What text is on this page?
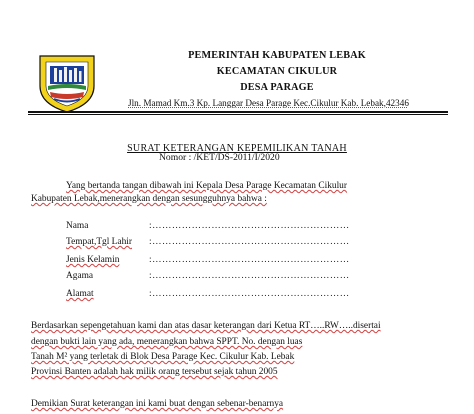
PEMERINTAH KABUPATEN LEBAK
KECAMATAN CIKULUR
DESA PARAGE
Jln. Mamad Km.3 Kp. Langgar Desa Parage Kec.Cikulur Kab. Lebak,42346
SURAT KETERANGAN KEPEMILIKAN TANAH
Nomor : /KET/DS-2011/I/2020
Yang bertanda tangan dibawah ini Kepala Desa Parage Kecamatan Cikulur
Kabupaten Lebak,menerangkan dengan sesungguhnya bahwa :
Nama	:……………………………………………………
Tempat,Tgl Lahir :……………………………………………………
Jenis Kelamin	:……………………………………………………
Agama	:……………………………………………………
Alamat	:……………………………………………………
Berdasarkan sepengetahuan kami dan atas dasar keterangan dari Ketua RT…..RW…..disertai
dengan bukti lain yang ada, menerangkan bahwa SPPT. No. dengan luas
Tanah M² yang terletak di Blok Desa Parage Kec. Cikulur Kab. Lebak
Provinsi Banten adalah hak milik orang tersebut sejak tahun 2005
Demikian Surat keterangan ini kami buat dengan sebenar-benarnya
